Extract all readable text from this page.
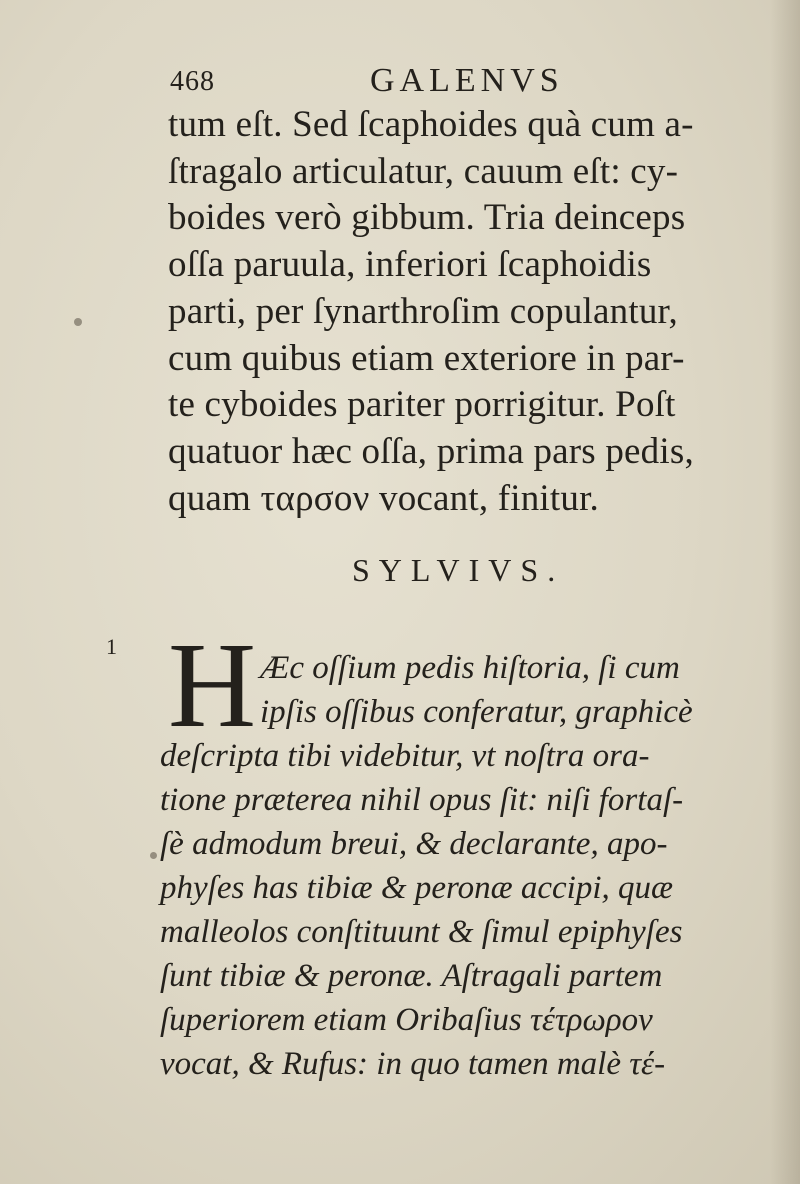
468	GALENVS
tum eſt. Sed ſcaphoides quà cum a-
ſtragalo articulatur, cauum eſt: cy-
boides verò gibbum. Tria deinceps
oſſa paruula, inferiori ſcaphoidis
parti, per ſynarthroſim copulantur,
cum quibus etiam exteriore in par-
te cyboides pariter porrigitur. Poſt
quatuor hæc oſſa, prima pars pedis,
quam ταρσον vocant, finitur.
SYLVIVS.
1 H Æc oſſium pedis hiſtoria, ſi cum
ipſis oſſibus conferatur, graphicè
deſcripta tibi videbitur, vt noſtra ora-
tione præterea nihil opus ſit: niſi fortaſ-
ſè admodum breui, & declarante, apo-
phyſes has tibiæ & peronæ accipi, quæ
malleolos conſtituunt & ſimul epiphyſes
ſunt tibiæ & peronæ. Aſtragali partem
ſuperiorem etiam Oribaſius τέτρωρον
vocat, & Rufus: in quo tamen malè τέ-
